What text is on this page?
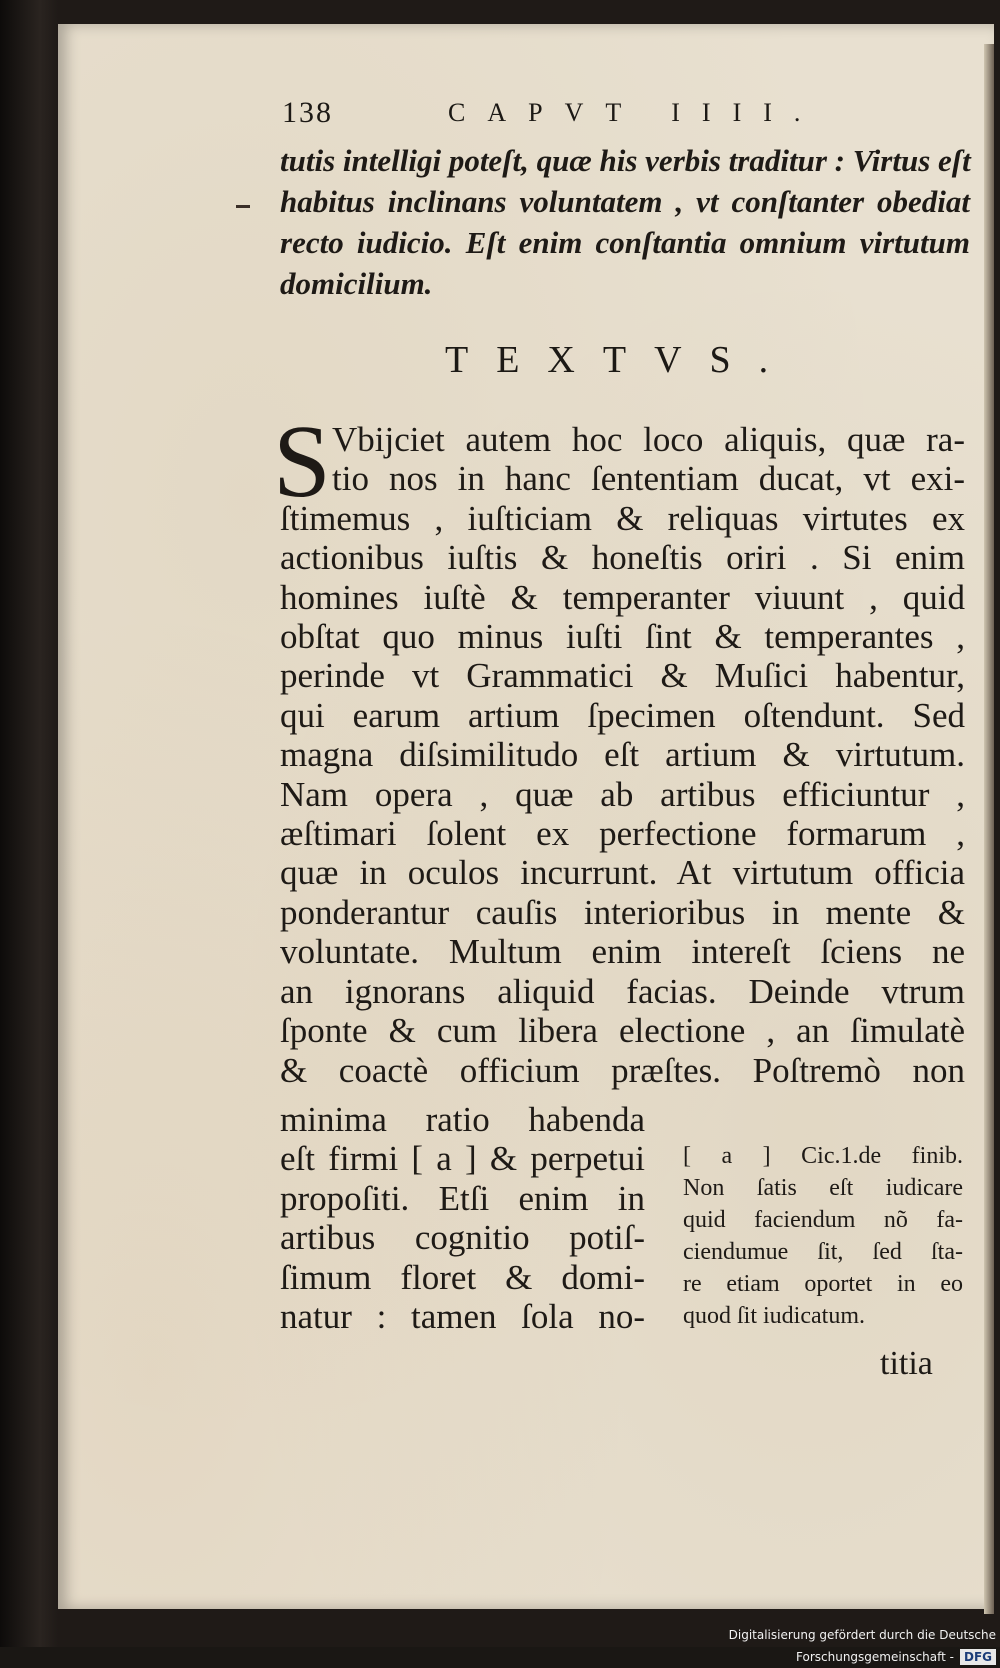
138	CAPVT IIII.
tutis intelligi poteſt, quæ his verbis traditur : Virtus eſt
habitus inclinans voluntatem , vt conſtanter obediat
recto iudicio. Eſt enim conſtantia omnium virtutum
domicilium.
TEXTVS.
S Vbijciet autem hoc loco aliquis, quæ ra-
tio nos in hanc ſententiam ducat, vt exi-
ſtimemus , iuſticiam & reliquas virtutes ex
actionibus iuſtis & honeſtis oriri . Si enim
homines iuſtè & temperanter viuunt , quid
obſtat quo minus iuſti ſint & temperantes ,
perinde vt Grammatici & Muſici habentur,
qui earum artium ſpecimen oſtendunt. Sed
magna diſsimilitudo eſt artium & virtutum.
Nam opera , quæ ab artibus efficiuntur ,
æſtimari ſolent ex perfectione formarum ,
quæ in oculos incurrunt. At virtutum officia
ponderantur cauſis interioribus in mente &
voluntate. Multum enim intereſt ſciens ne
an ignorans aliquid facias. Deinde vtrum
ſponte & cum libera electione , an ſimulatè
& coactè officium præſtes. Poſtremò non
minima ratio habenda
eſt firmi [ a ] & perpetui
propoſiti. Etſi enim in
artibus cognitio potiſ-
ſimum floret & domi-
natur : tamen ſola no-
[ a ] Cic.1.de finib.
Non ſatis eſt iudicare
quid faciendum nõ fa-
ciendumue ſit, ſed ſta-
re etiam oportet in eo
quod ſit iudicatum.
titia
Digitalisierung gefördert durch die Deutsche Forschungsgemeinschaft - DFG
